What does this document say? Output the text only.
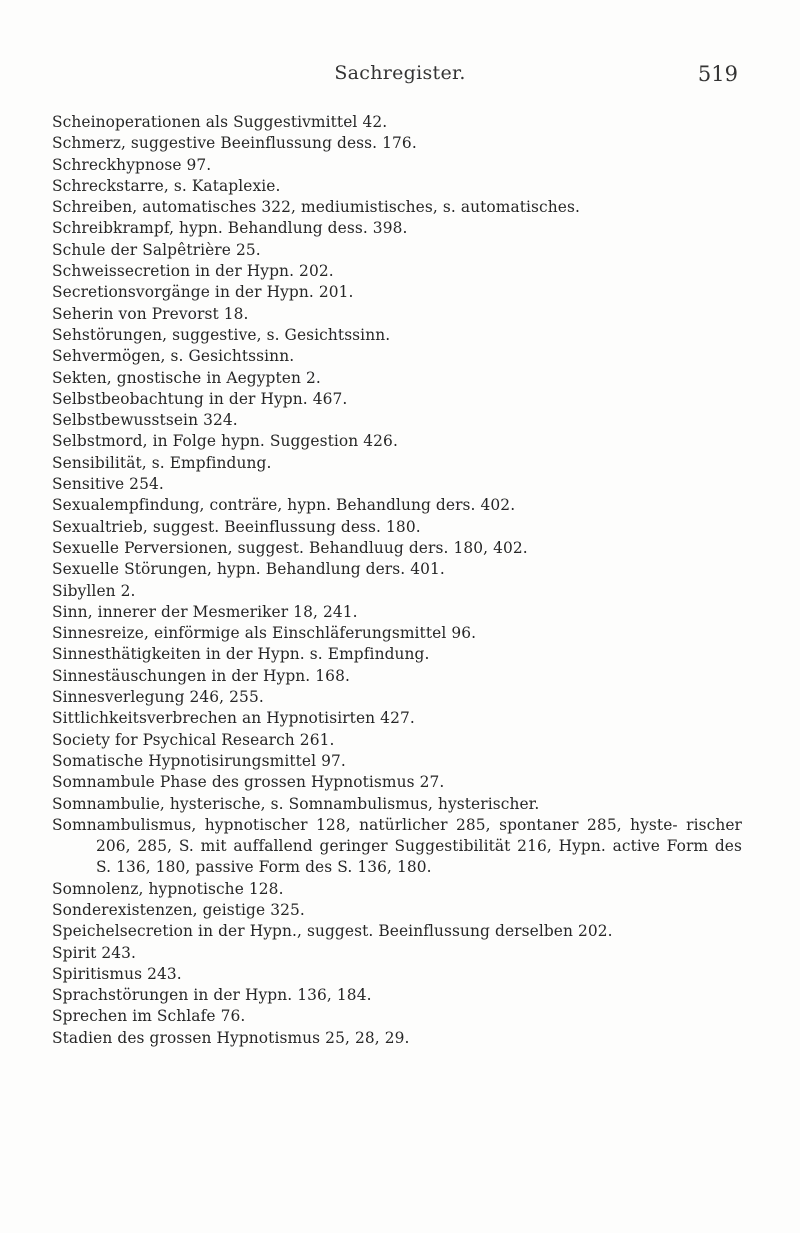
Sachregister.	519
Scheinoperationen als Suggestivmittel 42.
Schmerz, suggestive Beeinflussung dess. 176.
Schreckhypnose 97.
Schreckstarre, s. Kataplexie.
Schreiben, automatisches 322, mediumistisches, s. automatisches.
Schreibkrampf, hypn. Behandlung dess. 398.
Schule der Salpêtrière 25.
Schweissecretion in der Hypn. 202.
Secretionsvorgänge in der Hypn. 201.
Seherin von Prevorst 18.
Sehstörungen, suggestive, s. Gesichtssinn.
Sehvermögen, s. Gesichtssinn.
Sekten, gnostische in Aegypten 2.
Selbstbeobachtung in der Hypn. 467.
Selbstbewusstsein 324.
Selbstmord, in Folge hypn. Suggestion 426.
Sensibilität, s. Empfindung.
Sensitive 254.
Sexualempfindung, conträre, hypn. Behandlung ders. 402.
Sexualtrieb, suggest. Beeinflussung dess. 180.
Sexuelle Perversionen, suggest. Behandluug ders. 180, 402.
Sexuelle Störungen, hypn. Behandlung ders. 401.
Sibyllen 2.
Sinn, innerer der Mesmeriker 18, 241.
Sinnesreize, einförmige als Einschläferungsmittel 96.
Sinnesthätigkeiten in der Hypn. s. Empfindung.
Sinnestäuschungen in der Hypn. 168.
Sinnesverlegung 246, 255.
Sittlichkeitsverbrechen an Hypnotisirten 427.
Society for Psychical Research 261.
Somatische Hypnotisirungsmittel 97.
Somnambule Phase des grossen Hypnotismus 27.
Somnambulie, hysterische, s. Somnambulismus, hysterischer.
Somnambulismus, hypnotischer 128, natürlicher 285, spontaner 285, hyste- rischer 206, 285, S. mit auffallend geringer Suggestibilität 216, Hypn. active Form des S. 136, 180, passive Form des S. 136, 180.
Somnolenz, hypnotische 128.
Sonderexistenzen, geistige 325.
Speichelsecretion in der Hypn., suggest. Beeinflussung derselben 202.
Spirit 243.
Spiritismus 243.
Sprachstörungen in der Hypn. 136, 184.
Sprechen im Schlafe 76.
Stadien des grossen Hypnotismus 25, 28, 29.
